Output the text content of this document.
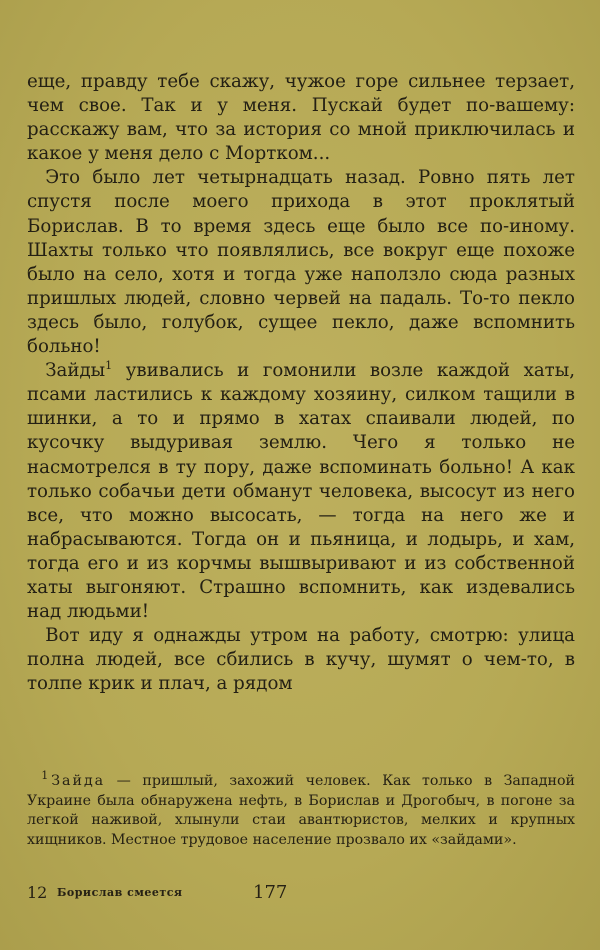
еще, правду тебе скажу, чужое горе сильнее терзает, чем свое. Так и у меня. Пускай будет по-вашему: расскажу вам, что за история со мной приключилась и какое у меня дело с Мортком...

 Это было лет четырнадцать назад. Ровно пять лет спустя после моего прихода в этот проклятый Борислав. В то время здесь еще было все по-иному. Шахты только что появлялись, все вокруг еще похоже было на село, хотя и тогда уже наползло сюда разных пришлых людей, словно червей на падаль. То-то пекло здесь было, голубок, сущее пекло, даже вспомнить больно!

 Зайды$^1$ увивались и гомонили возле каждой хаты, псами ластились к каждому хозяину, силком тащили в шинки, а то и прямо в хатах спаивали людей, по кусочку выдуривая землю. Чего я только не насмотрелся в ту пору, даже вспоминать больно! А как только собачьи дети обманут человека, высосут из него все, что можно высосать, — тогда на него же и набрасываются. Тогда он и пьяница, и лодырь, и хам, тогда его и из корчмы вышвыривают и из собственной хаты выгоняют. Страшно вспомнить, как издевались над людьми!

 Вот иду я однажды утром на работу, смотрю: улица полна людей, все сбились в кучу, шумят о чем-то, в толпе крик и плач, а рядом

 $^1$ Зайда — пришлый, захожий человек. Как только в Западной Украине была обнаружена нефть, в Борислав и Дрогобыч, в погоне за легкой наживой, хлынули стаи авантюристов, мелких и крупных хищников. Местное трудовое население прозвало их «зайдами».

12 Борислав смеется	177
